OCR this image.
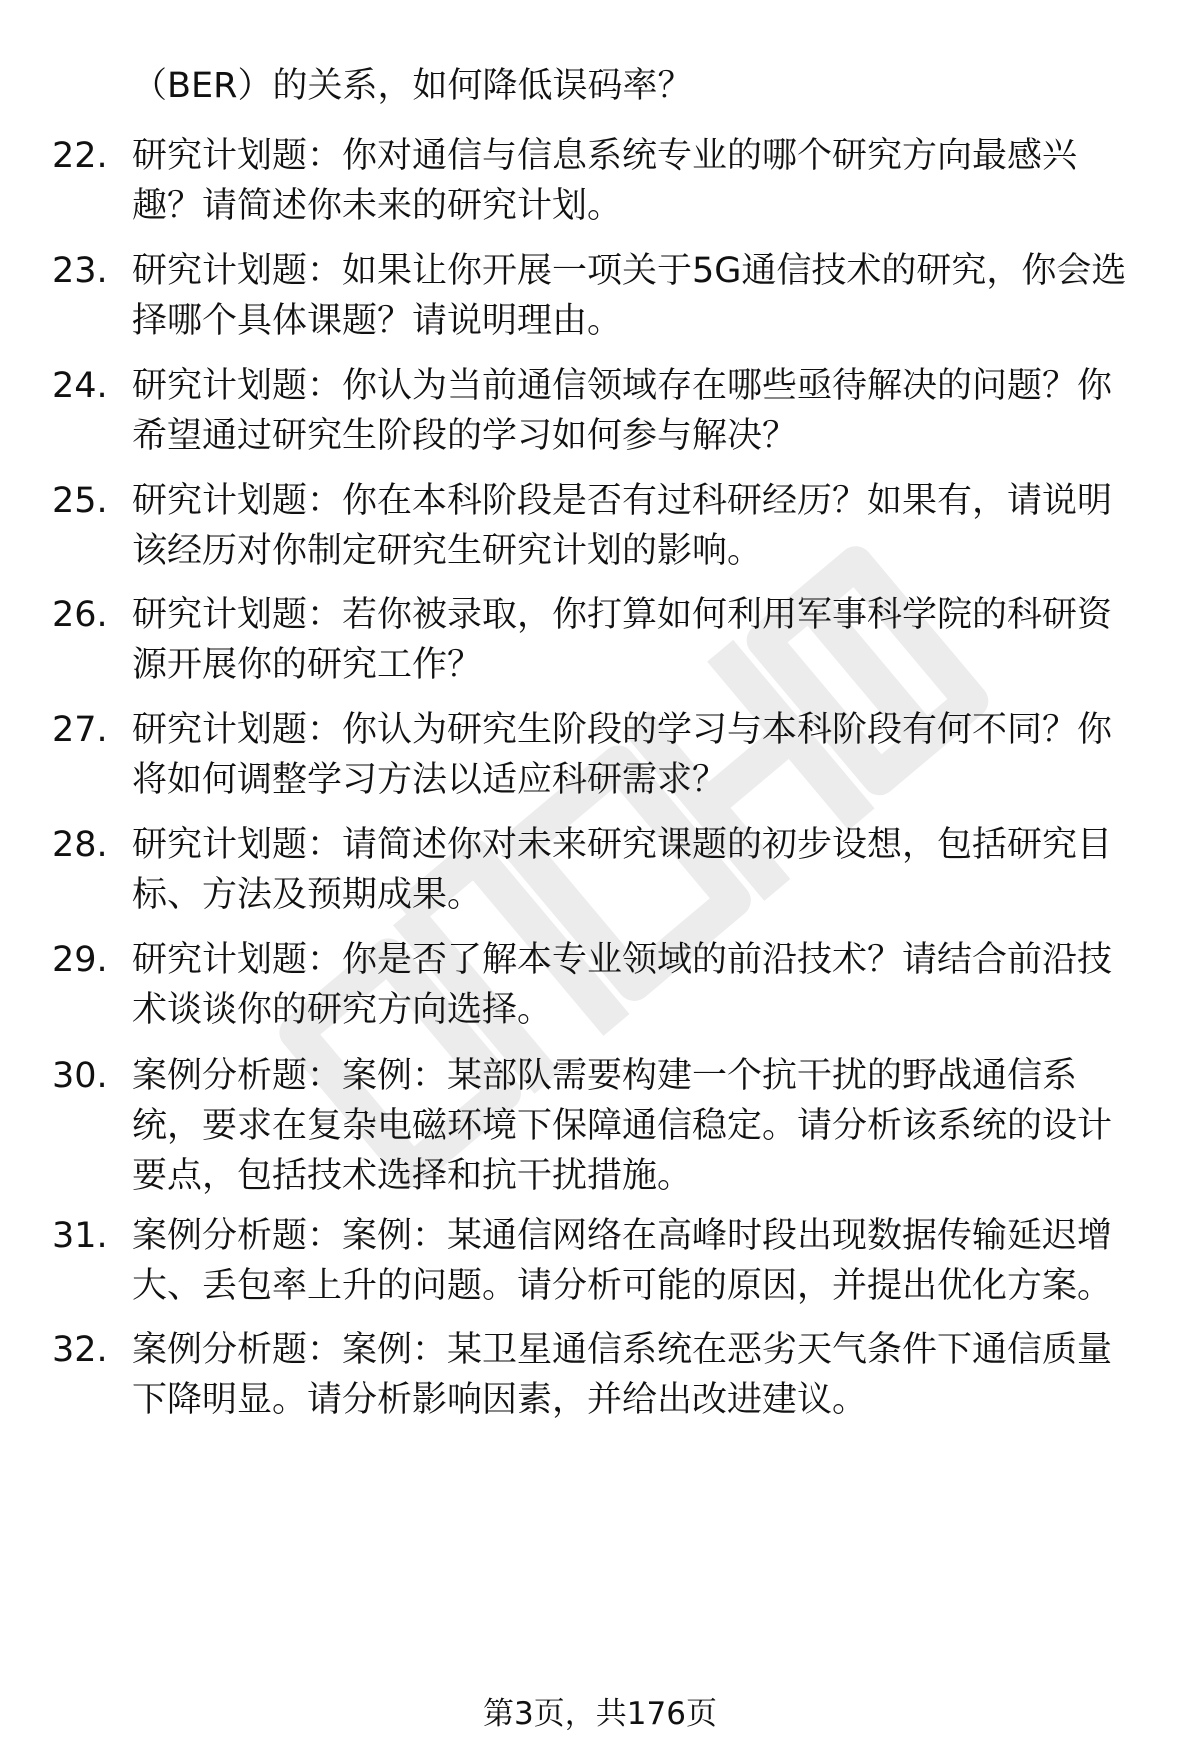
（BER）的关系，如何降低误码率？
22. 研究计划题：你对通信与信息系统专业的哪个研究方向最感兴
趣？请简述你未来的研究计划。
23. 研究计划题：如果让你开展一项关于5G通信技术的研究，你会选
择哪个具体课题？请说明理由。
24. 研究计划题：你认为当前通信领域存在哪些亟待解决的问题？你
希望通过研究生阶段的学习如何参与解决？
25. 研究计划题：你在本科阶段是否有过科研经历？如果有，请说明
该经历对你制定研究生研究计划的影响。
26. 研究计划题：若你被录取，你打算如何利用军事科学院的科研资
源开展你的研究工作？
27. 研究计划题：你认为研究生阶段的学习与本科阶段有何不同？你
将如何调整学习方法以适应科研需求？
28. 研究计划题：请简述你对未来研究课题的初步设想，包括研究目
标、方法及预期成果。
29. 研究计划题：你是否了解本专业领域的前沿技术？请结合前沿技
术谈谈你的研究方向选择。
30. 案例分析题：案例：某部队需要构建一个抗干扰的野战通信系
统，要求在复杂电磁环境下保障通信稳定。请分析该系统的设计
要点，包括技术选择和抗干扰措施。
31. 案例分析题：案例：某通信网络在高峰时段出现数据传输延迟增
大、丢包率上升的问题。请分析可能的原因，并提出优化方案。
32. 案例分析题：案例：某卫星通信系统在恶劣天气条件下通信质量
下降明显。请分析影响因素，并给出改进建议。
第3页，共176页
